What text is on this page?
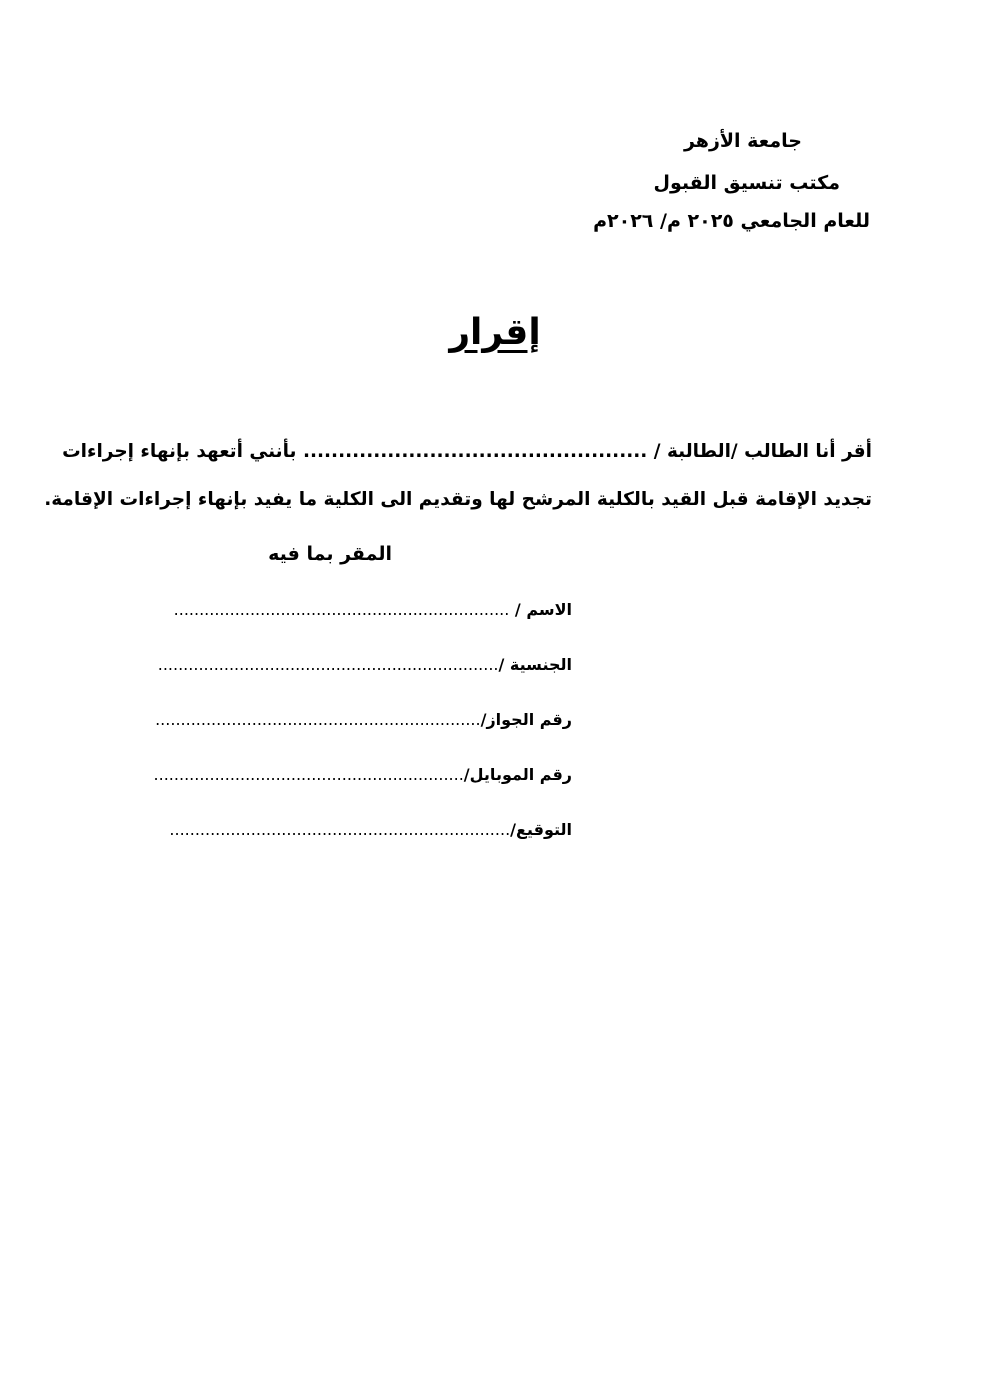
جامعة الأزهر
مكتب تنسيق القبول
للعام الجامعي ٢٠٢٥ م/ ٢٠٢٦م
إقرار
أقر أنا الطالب /الطالبة / ................................................. بأنني أتعهد بإنهاء إجراءات
تجديد الإقامة قبل القيد بالكلية المرشح لها وتقديم الى الكلية ما يفيد بإنهاء إجراءات الإقامة.
المقر بما فيه
الاسم / ..................................................................
الجنسية /...................................................................
رقم الجواز/................................................................
رقم الموبايل/.............................................................
التوقيع/...................................................................
